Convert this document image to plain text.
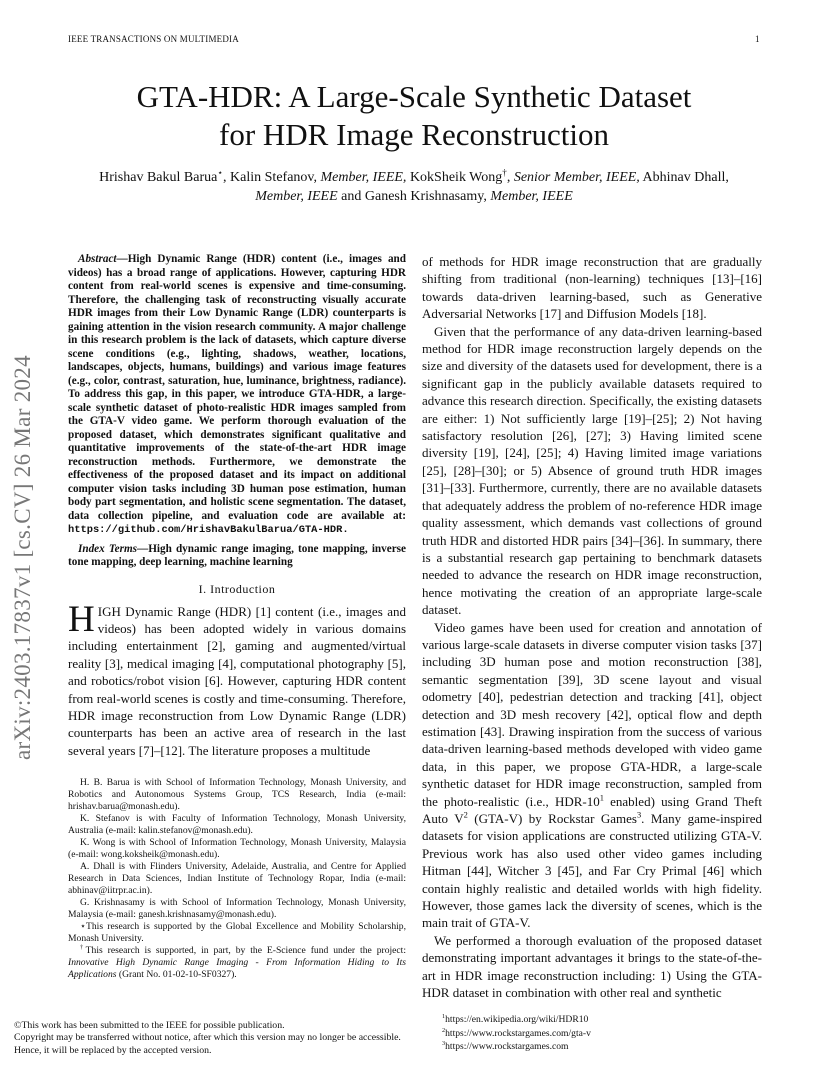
IEEE TRANSACTIONS ON MULTIMEDIA	1
GTA-HDR: A Large-Scale Synthetic Dataset
for HDR Image Reconstruction
Hrishav Bakul Barua⋆, Kalin Stefanov, Member, IEEE, KokSheik Wong†, Senior Member, IEEE, Abhinav Dhall,
Member, IEEE and Ganesh Krishnasamy, Member, IEEE
arXiv:2403.17837v1 [cs.CV] 26 Mar 2024
Abstract—High Dynamic Range (HDR) content (i.e., images and videos) has a broad range of applications. However, capturing HDR content from real-world scenes is expensive and time-consuming. Therefore, the challenging task of reconstructing visually accurate HDR images from their Low Dynamic Range (LDR) counterparts is gaining attention in the vision research community. A major challenge in this research problem is the lack of datasets, which capture diverse scene conditions (e.g., lighting, shadows, weather, locations, landscapes, objects, humans, buildings) and various image features (e.g., color, contrast, saturation, hue, luminance, brightness, radiance). To address this gap, in this paper, we introduce GTA-HDR, a large-scale synthetic dataset of photo-realistic HDR images sampled from the GTA-V video game. We perform thorough evaluation of the proposed dataset, which demonstrates significant qualitative and quantitative improvements of the state-of-the-art HDR image reconstruction methods. Furthermore, we demonstrate the effectiveness of the proposed dataset and its impact on additional computer vision tasks including 3D human pose estimation, human body part segmentation, and holistic scene segmentation. The dataset, data collection pipeline, and evaluation code are available at: https://github.com/HrishavBakulBarua/GTA-HDR.
Index Terms—High dynamic range imaging, tone mapping, inverse tone mapping, deep learning, machine learning
I. Introduction
HIGH Dynamic Range (HDR) [1] content (i.e., images and videos) has been adopted widely in various domains including entertainment [2], gaming and augmented/virtual reality [3], medical imaging [4], computational photography [5], and robotics/robot vision [6]. However, capturing HDR content from real-world scenes is costly and time-consuming. Therefore, HDR image reconstruction from Low Dynamic Range (LDR) counterparts has been an active area of research in the last several years [7]–[12]. The literature proposes a multitude

H. B. Barua is with School of Information Technology, Monash University, and Robotics and Autonomous Systems Group, TCS Research, India (e-mail: hrishav.barua@monash.edu).

K. Stefanov is with Faculty of Information Technology, Monash University, Australia (e-mail: kalin.stefanov@monash.edu).

K. Wong is with School of Information Technology, Monash University, Malaysia (e-mail: wong.koksheik@monash.edu).

A. Dhall is with Flinders University, Adelaide, Australia, and Centre for Applied Research in Data Sciences, Indian Institute of Technology Ropar, India (e-mail: abhinav@iitrpr.ac.in).

G. Krishnasamy is with School of Information Technology, Monash University, Malaysia (e-mail: ganesh.krishnasamy@monash.edu).

⋆This research is supported by the Global Excellence and Mobility Scholarship, Monash University.

†This research is supported, in part, by the E-Science fund under the project: Innovative High Dynamic Range Imaging - From Information Hiding to Its Applications (Grant No. 01-02-10-SF0327).

of methods for HDR image reconstruction that are gradually shifting from traditional (non-learning) techniques [13]–[16] towards data-driven learning-based, such as Generative Adversarial Networks [17] and Diffusion Models [18].
Given that the performance of any data-driven learning-based method for HDR image reconstruction largely depends on the size and diversity of the datasets used for development, there is a significant gap in the publicly available datasets required to advance this research direction. Specifically, the existing datasets are either: 1) Not sufficiently large [19]–[25]; 2) Not having satisfactory resolution [26], [27]; 3) Having limited scene diversity [19], [24], [25]; 4) Having limited image variations [25], [28]–[30]; or 5) Absence of ground truth HDR images [31]–[33]. Furthermore, currently, there are no available datasets that adequately address the problem of no-reference HDR image quality assessment, which demands vast collections of ground truth HDR and distorted HDR pairs [34]–[36]. In summary, there is a substantial research gap pertaining to benchmark datasets needed to advance the research on HDR image reconstruction, hence motivating the creation of an appropriate large-scale dataset.
Video games have been used for creation and annotation of various large-scale datasets in diverse computer vision tasks [37] including 3D human pose and motion reconstruction [38], semantic segmentation [39], 3D scene layout and visual odometry [40], pedestrian detection and tracking [41], object detection and 3D mesh recovery [42], optical flow and depth estimation [43]. Drawing inspiration from the success of various data-driven learning-based methods developed with video game data, in this paper, we propose GTA-HDR, a large-scale synthetic dataset for HDR image reconstruction, sampled from the photo-realistic (i.e., HDR-$10^1$ enabled) using Grand Theft Auto $V^2$ (GTA-V) by Rockstar Games$^3$. Many game-inspired datasets for vision applications are constructed utilizing GTA-V. Previous work has also used other video games including Hitman [44], Witcher 3 [45], and Far Cry Primal [46] which contain highly realistic and detailed worlds with high fidelity. However, those games lack the diversity of scenes, which is the main trait of GTA-V.
We performed a thorough evaluation of the proposed dataset demonstrating important advantages it brings to the state-of-the-art in HDR image reconstruction including: 1) Using the GTA-HDR dataset in combination with other real and synthetic
$^1$https://en.wikipedia.org/wiki/HDR10
$^2$https://www.rockstargames.com/gta-v
$^3$https://www.rockstargames.com
©This work has been submitted to the IEEE for possible publication.
Copyright may be transferred without notice, after which this version may no longer be accessible.
Hence, it will be replaced by the accepted version.
